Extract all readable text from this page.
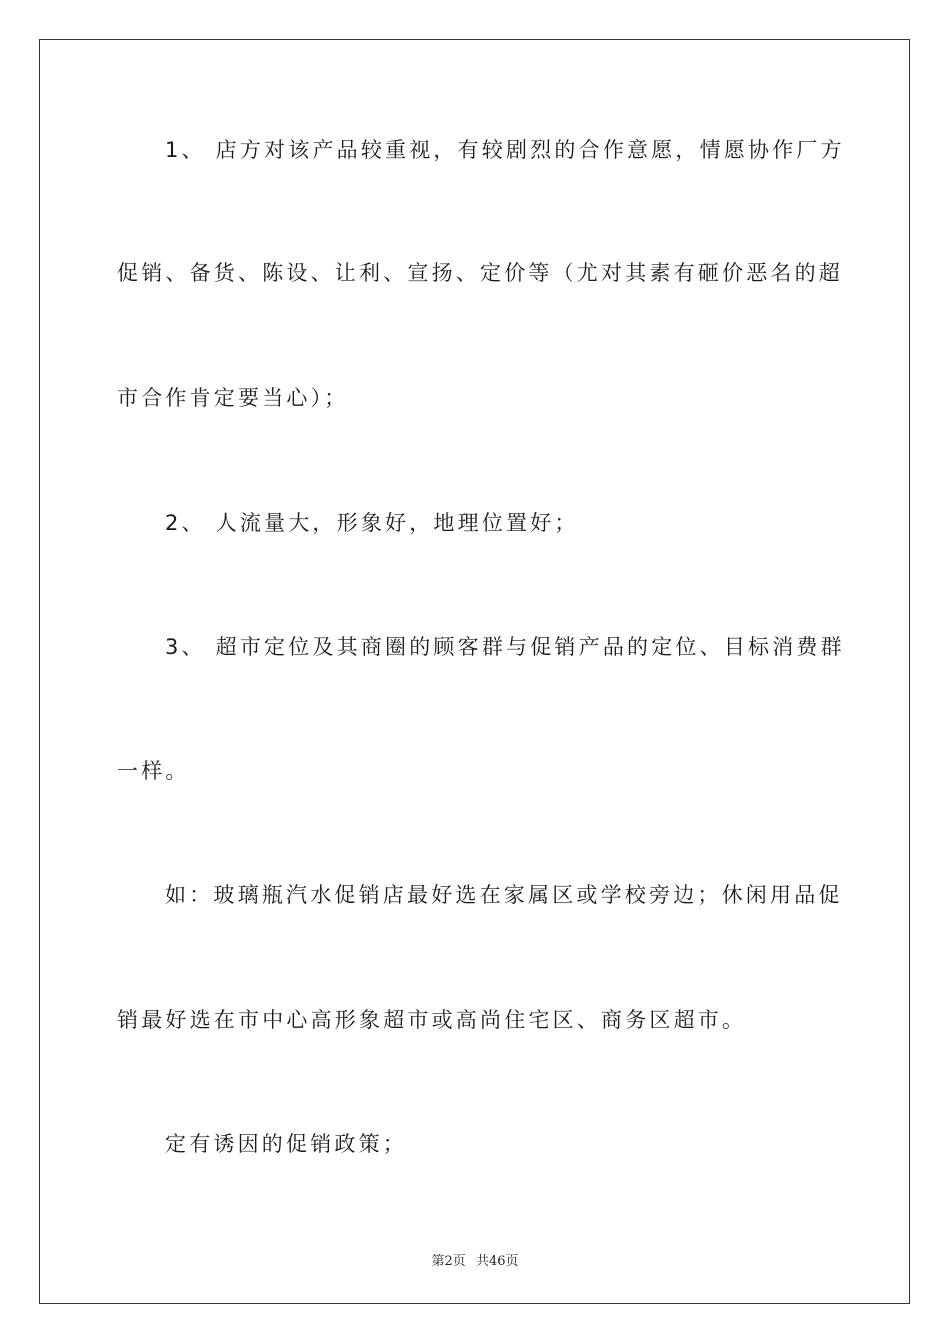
1、 店方对该产品较重视，有较剧烈的合作意愿，情愿协作厂方
促销、备货、陈设、让利、宣扬、定价等（尤对其素有砸价恶名的超
市合作肯定要当心）；
2、 人流量大，形象好，地理位置好；
3、 超市定位及其商圈的顾客群与促销产品的定位、目标消费群
一样。
如：玻璃瓶汽水促销店最好选在家属区或学校旁边；休闲用品促
销最好选在市中心高形象超市或高尚住宅区、商务区超市。
定有诱因的促销政策；
第2页 共46页
